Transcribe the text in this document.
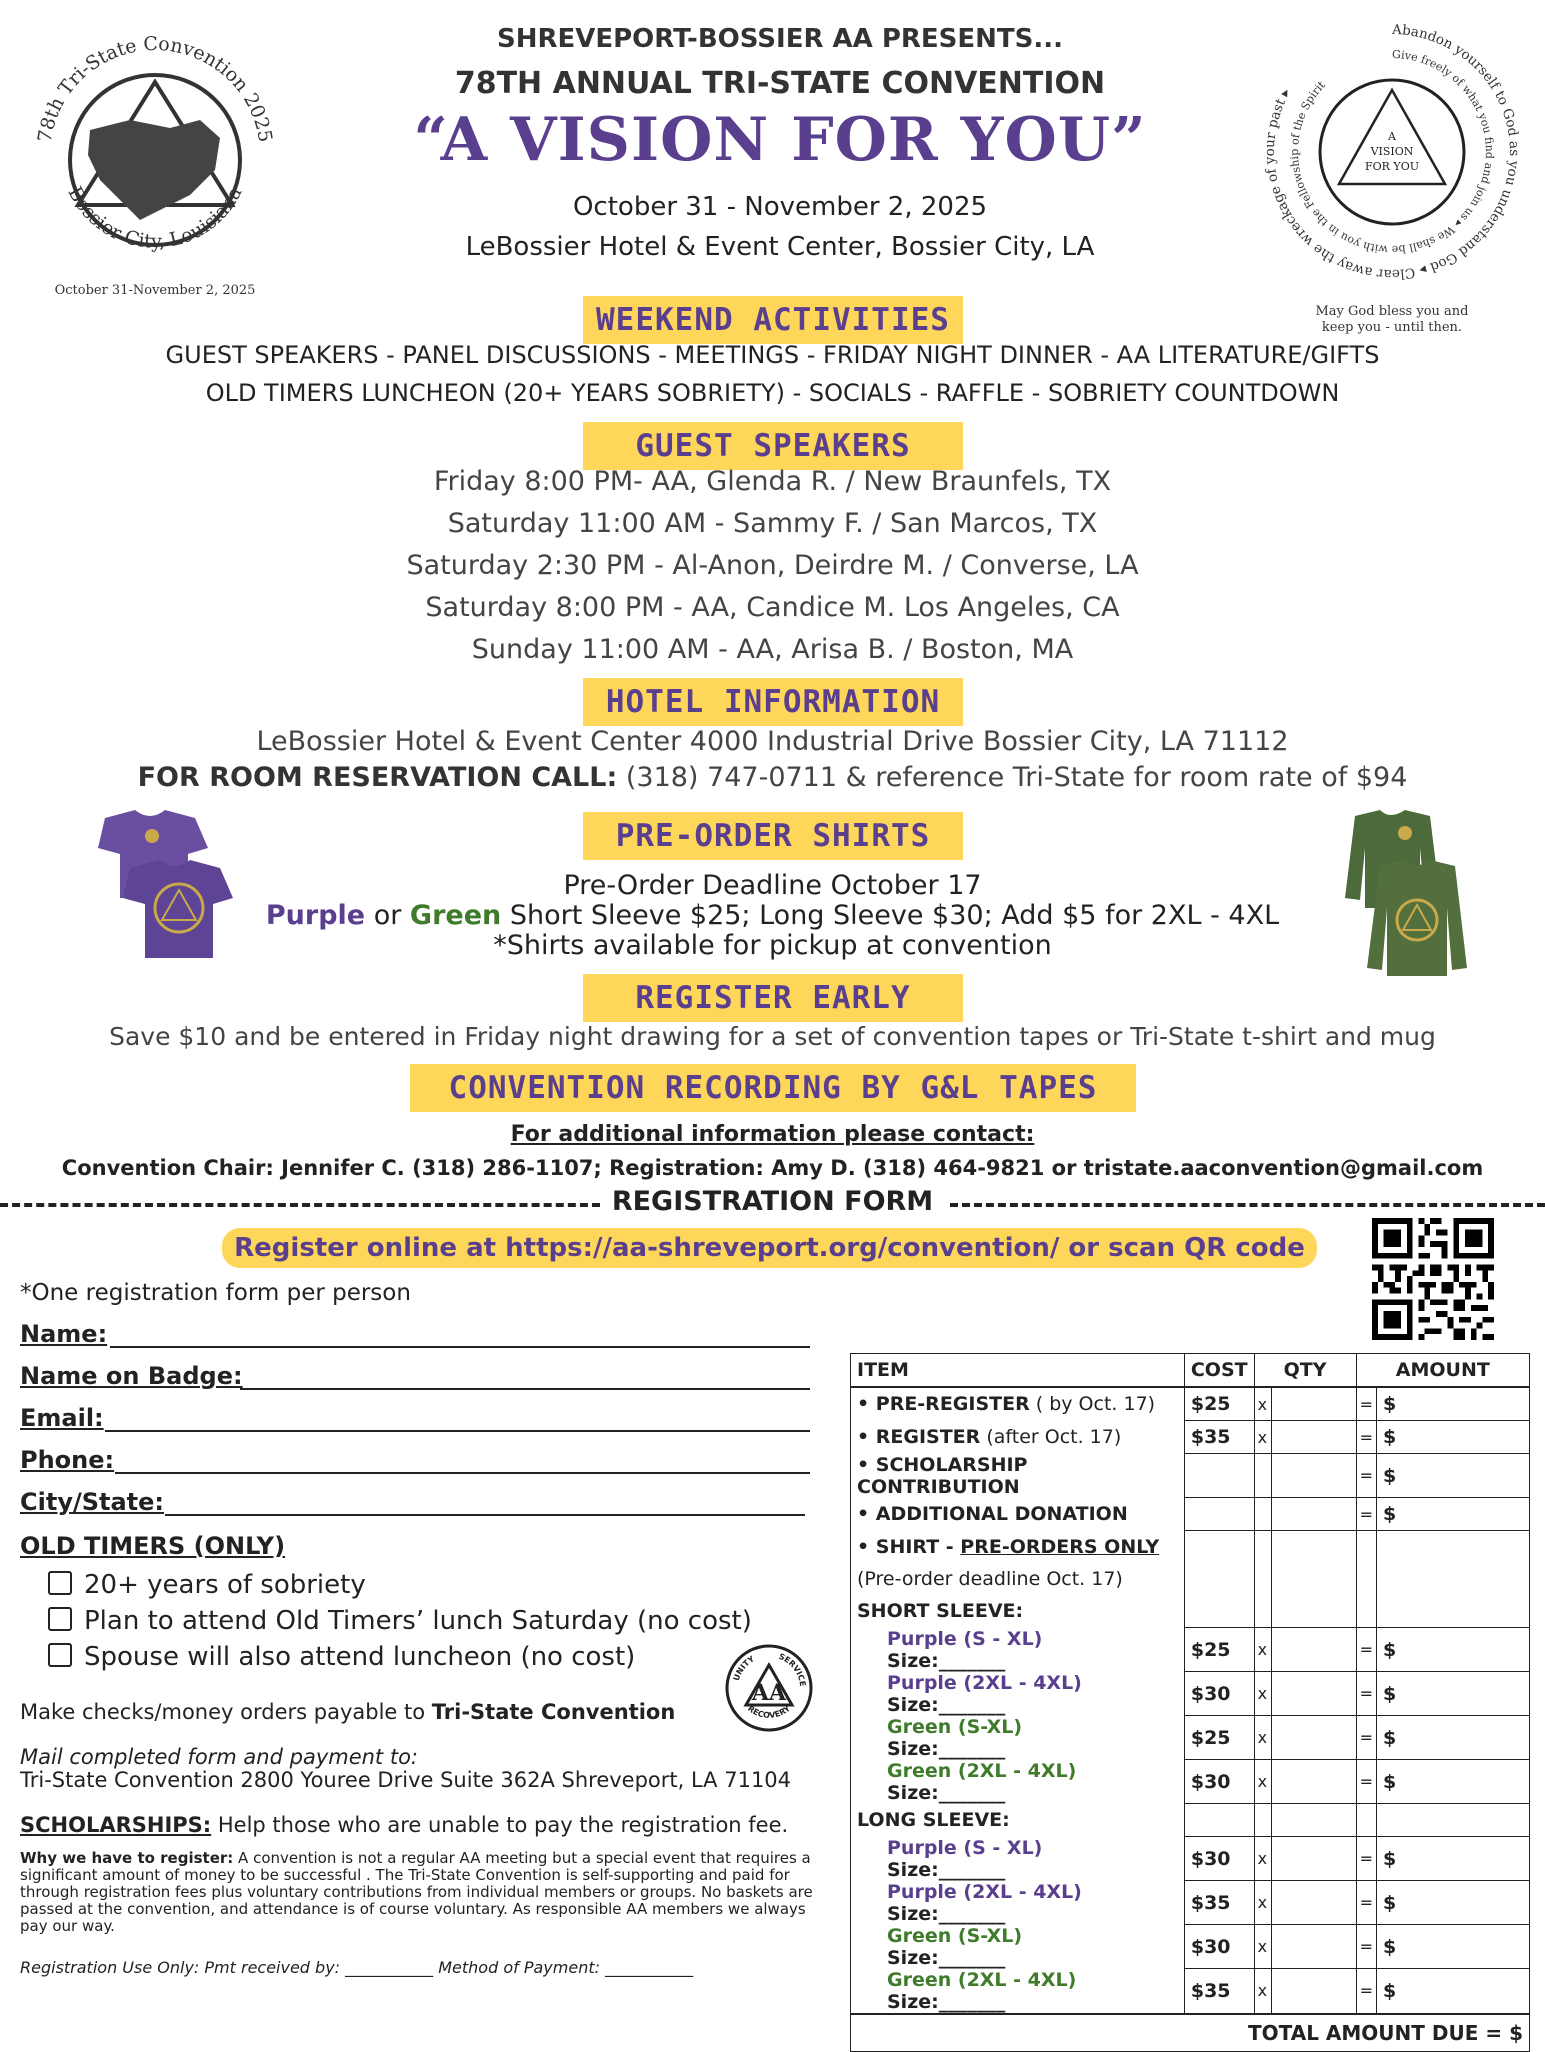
SHREVEPORT-BOSSIER AA PRESENTS...
78TH ANNUAL TRI-STATE CONVENTION
“A VISION FOR YOU”
October 31 - November 2, 2025
LeBossier Hotel & Event Center, Bossier City, LA
78th Tri-State Convention 2025
Bossier City, Louisiana
October 31-November 2, 2025
Abandon yourself to God as you understand God ▸ Clear away the wreckage of your past ▸
Give freely of what you find and join us ▸ We shall be with you in the Fellowship of the Spirit
A
VISION
FOR YOU
May God bless you and
keep you - until then.
WEEKEND ACTIVITIES
GUEST SPEAKERS - PANEL DISCUSSIONS - MEETINGS - FRIDAY NIGHT DINNER - AA LITERATURE/GIFTS
OLD TIMERS LUNCHEON (20+ YEARS SOBRIETY) - SOCIALS - RAFFLE - SOBRIETY COUNTDOWN
GUEST SPEAKERS
Friday 8:00 PM- AA, Glenda R. / New Braunfels, TX
Saturday 11:00 AM - Sammy F. / San Marcos, TX
Saturday 2:30 PM - Al-Anon, Deirdre M. / Converse, LA
Saturday 8:00 PM - AA, Candice M. Los Angeles, CA
Sunday 11:00 AM - AA, Arisa B. / Boston, MA
HOTEL INFORMATION
LeBossier Hotel & Event Center 4000 Industrial Drive Bossier City, LA 71112
FOR ROOM RESERVATION CALL: (318) 747-0711 & reference Tri-State for room rate of $94
PRE-ORDER SHIRTS
Pre-Order Deadline October 17
Purple or Green Short Sleeve $25; Long Sleeve $30; Add $5 for 2XL - 4XL
*Shirts available for pickup at convention
REGISTER EARLY
Save $10 and be entered in Friday night drawing for a set of convention tapes or Tri-State t-shirt and mug
CONVENTION RECORDING BY G&L TAPES
For additional information please contact:
Convention Chair: Jennifer C. (318) 286-1107; Registration: Amy D. (318) 464-9821 or tristate.aaconvention@gmail.com
REGISTRATION FORM
Register online at https://aa-shreveport.org/convention/ or scan QR code
*One registration form per person
Name:
Name on Badge:
Email:
Phone:
City/State:
OLD TIMERS (ONLY)
20+ years of sobriety
Plan to attend Old Timers’ lunch Saturday (no cost)
Spouse will also attend luncheon (no cost)
AA
UNITY	SERVICE
RECOVERY
Make checks/money orders payable to Tri-State Convention
Mail completed form and payment to:
Tri-State Convention 2800 Youree Drive Suite 362A Shreveport, LA 71104
SCHOLARSHIPS: Help those who are unable to pay the registration fee.
Why we have to register: A convention is not a regular AA meeting but a special event that requires a significant amount of money to be successful . The Tri-State Convention is self-supporting and paid for through registration fees plus voluntary contributions from individual members or groups. No baskets are passed at the convention, and attendance is of course voluntary. As responsible AA members we always pay our way.
Registration Use Only: Pmt received by: ___________ Method of Payment: ___________
ITEM	COST	QTY		AMOUNT	
• PRE-REGISTER ( by Oct. 17)	$25	x		=	$
• REGISTER (after Oct. 17)	$35	x		=	$
• SCHOLARSHIP CONTRIBUTION				=	$
• ADDITIONAL DONATION				=	$
• SHIRT - PRE-ORDERS ONLY					
(Pre-order deadline Oct. 17)					
SHORT SLEEVE:					
Purple (S - XL)Size:_______	$25	x		=	$
Purple (2XL - 4XL)Size:_______	$30	x		=	$
Green (S-XL)Size:_______	$25	x		=	$
Green (2XL - 4XL)Size:_______	$30	x		=	$
LONG SLEEVE:					
Purple (S - XL)Size:_______	$30	x		=	$
Purple (2XL - 4XL)Size:_______	$35	x		=	$
Green (S-XL)Size:_______	$30	x		=	$
Green (2XL - 4XL)Size:_______	$35	x		=	$
TOTAL AMOUNT DUE = $					
